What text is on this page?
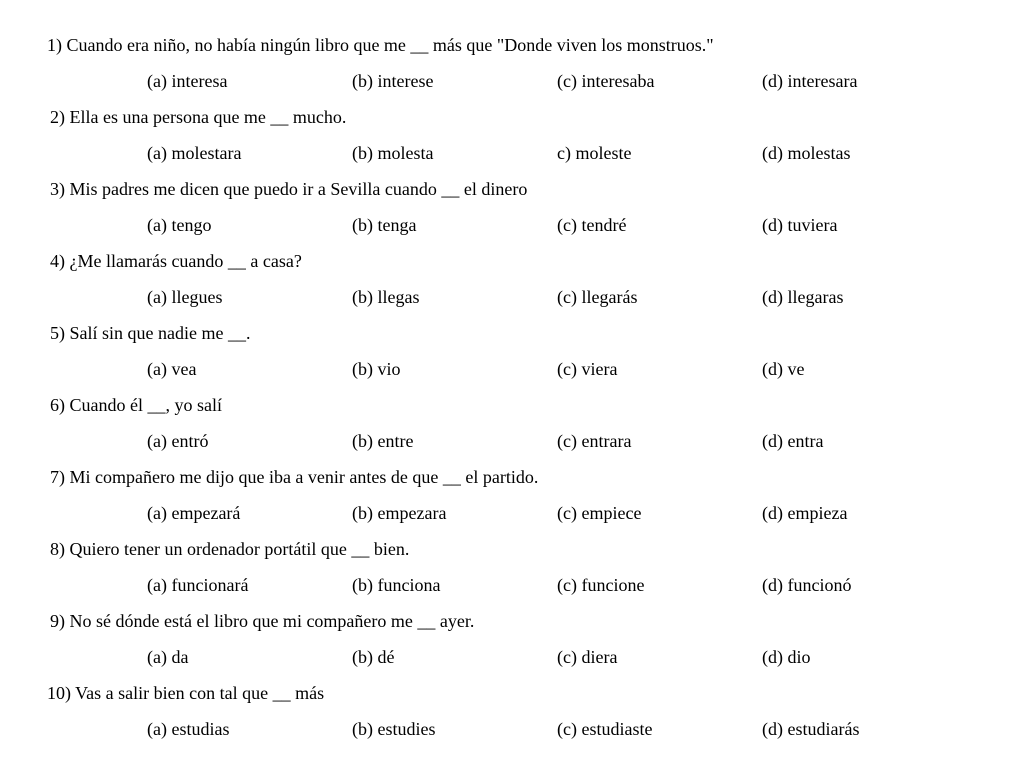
1) Cuando era niño, no había ningún libro que me __ más que "Donde viven los monstruos."
(a) interesa	(b) interese	(c) interesaba	(d) interesara
2) Ella es una persona que me __ mucho.
(a) molestara	(b) molesta	c) moleste	(d) molestas
3) Mis padres me dicen que puedo ir a Sevilla cuando __ el dinero
(a) tengo	(b) tenga	(c) tendré	(d) tuviera
4) ¿Me llamarás cuando __ a casa?
(a) llegues	(b) llegas	(c) llegarás	(d) llegaras
5) Salí sin que nadie me __.
(a) vea	(b) vio	(c) viera	(d) ve
6) Cuando él __, yo salí
(a) entró	(b) entre	(c) entrara	(d) entra
7) Mi compañero me dijo que iba a venir antes de que __ el partido.
(a) empezará	(b) empezara	(c) empiece	(d) empieza
8) Quiero tener un ordenador portátil que __ bien.
(a) funcionará	(b) funciona	(c) funcione	(d) funcionó
9) No sé dónde está el libro que mi compañero me __ ayer.
(a) da	(b) dé	(c) diera	(d) dio
10) Vas a salir bien con tal que __ más
(a) estudias	(b) estudies	(c) estudiaste	(d) estudiarás
